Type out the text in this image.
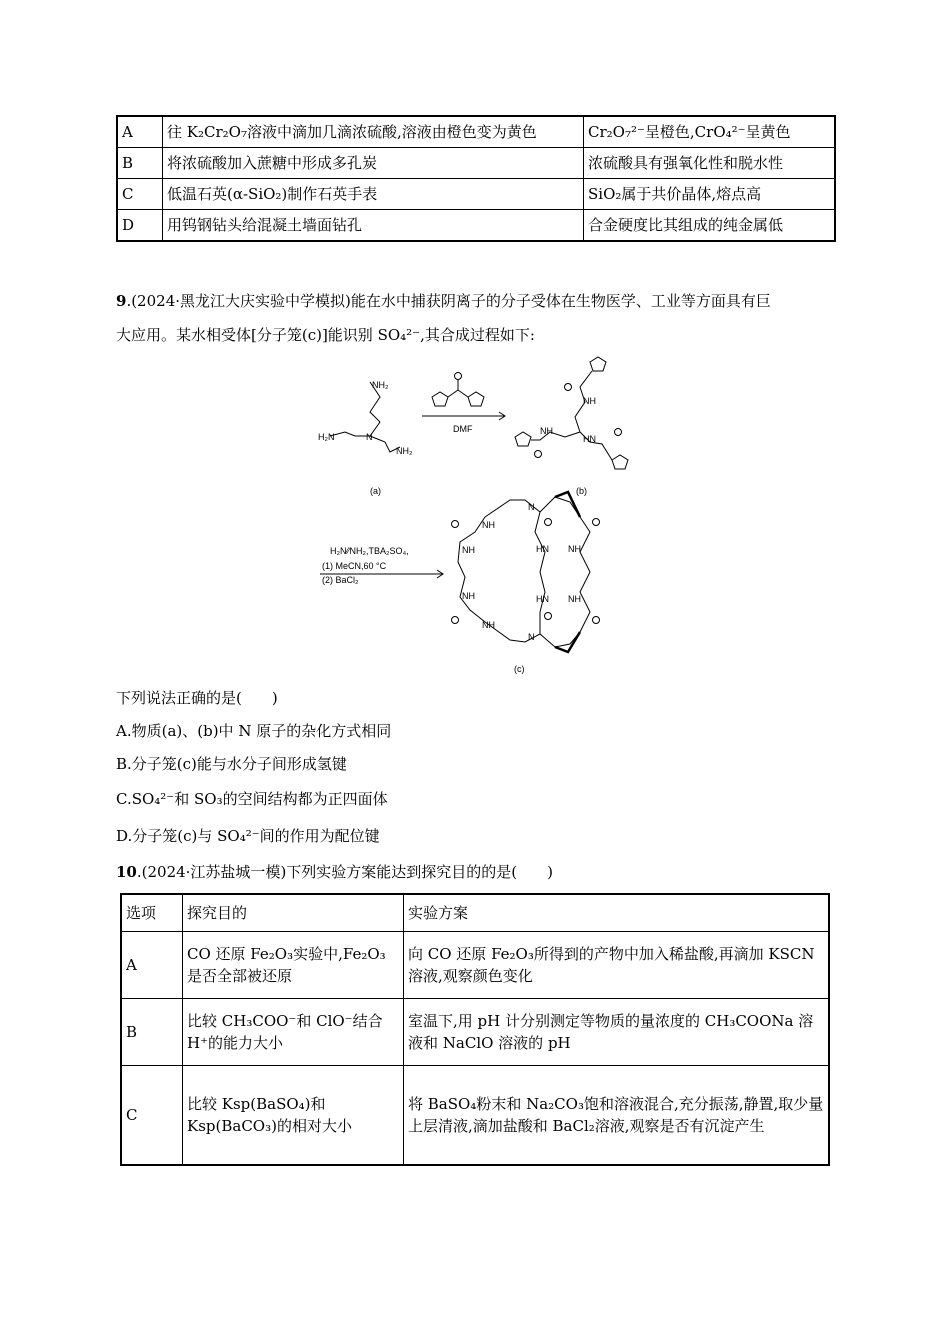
A	往 K₂Cr₂O₇溶液中滴加几滴浓硫酸,溶液由橙色变为黄色	Cr₂O₇²⁻呈橙色,CrO₄²⁻呈黄色
B	将浓硫酸加入蔗糖中形成多孔炭	浓硫酸具有强氧化性和脱水性
C	低温石英(α-SiO₂)制作石英手表	SiO₂属于共价晶体,熔点高
D	用钨钢钻头给混凝土墙面钻孔	合金硬度比其组成的纯金属低
9.(2024·黑龙江大庆实验中学模拟)能在水中捕获阴离子的分子受体在生物医学、工业等方面具有巨
大应用。某水相受体[分子笼(c)]能识别 SO₄²⁻,其合成过程如下:
NH₂
N
H₂N
NH₂
(a)
DMF
NH
NH
HN
(b)
H₂N⁄⁄NH₂,TBA₂SO₄,
(1) MeCN,60 °C
(2) BaCl₂
NH
NH
NH
NH
N
N
HN
HN
NH
NH
(c)
下列说法正确的是(　　)
A.物质(a)、(b)中 N 原子的杂化方式相同
B.分子笼(c)能与水分子间形成氢键
C.SO₄²⁻和 SO₃的空间结构都为正四面体
D.分子笼(c)与 SO₄²⁻间的作用为配位键
10.(2024·江苏盐城一模)下列实验方案能达到探究目的的是(　　)
选项	探究目的	实验方案
A	CO 还原 Fe₂O₃实验中,Fe₂O₃是否全部被还原	向 CO 还原 Fe₂O₃所得到的产物中加入稀盐酸,再滴加 KSCN 溶液,观察颜色变化
B	比较 CH₃COO⁻和 ClO⁻结合 H⁺的能力大小	室温下,用 pH 计分别测定等物质的量浓度的 CH₃COONa 溶液和 NaClO 溶液的 pH
C	比较 Ksp(BaSO₄)和 Ksp(BaCO₃)的相对大小	将 BaSO₄粉末和 Na₂CO₃饱和溶液混合,充分振荡,静置,取少量上层清液,滴加盐酸和 BaCl₂溶液,观察是否有沉淀产生
